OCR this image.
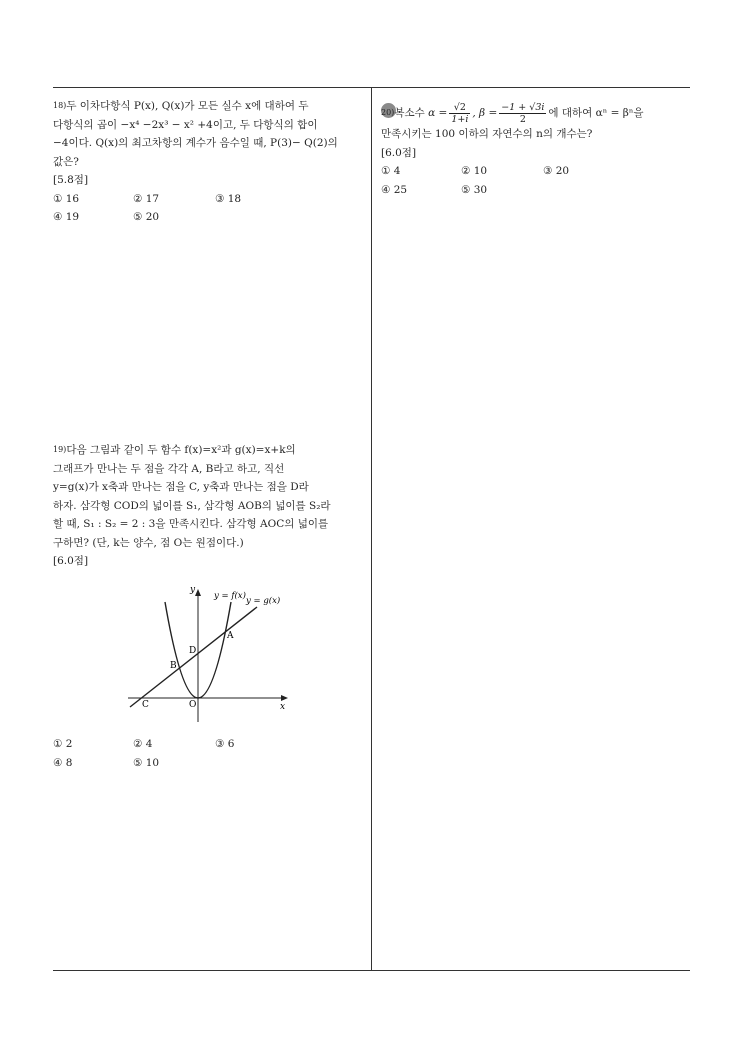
18)두 이차다항식 P(x), Q(x)가 모든 실수 x에 대하여 두

다항식의 곱이 −x⁴ −2x³ − x² +4이고, 두 다항식의 합이

−4이다. Q(x)의 최고차항의 계수가 음수일 때, P(3)− Q(2)의

값은?

[5.8점]
① 16	② 17	③ 18
④ 19	⑤ 20

19)다음 그림과 같이 두 함수 f(x)=x²과 g(x)=x+k의

그래프가 만나는 두 점을 각각 A, B라고 하고, 직선

y=g(x)가 x축과 만나는 점을 C, y축과 만나는 점을 D라

하자. 삼각형 COD의 넓이를 S₁, 삼각형 AOB의 넓이를 S₂라

할 때, S₁ : S₂ = 2 : 3을 만족시킨다. 삼각형 AOC의 넓이를

구하면? (단, k는 양수, 점 O는 원점이다.)

[6.0점]
y
x
y = f(x) y = g(x)
A
B
C
D
O
① 2	② 4	③ 6
④ 8	⑤ 10

20)복소수 $\alpha = \frac{√2}{1+i}$ , $\beta = \frac{-1 + √3i}{2}$ 에 대하여 αⁿ = βⁿ을

만족시키는 100 이하의 자연수의 n의 개수는?

[6.0점]
① 4	② 10	③ 20
④ 25	⑤ 30
